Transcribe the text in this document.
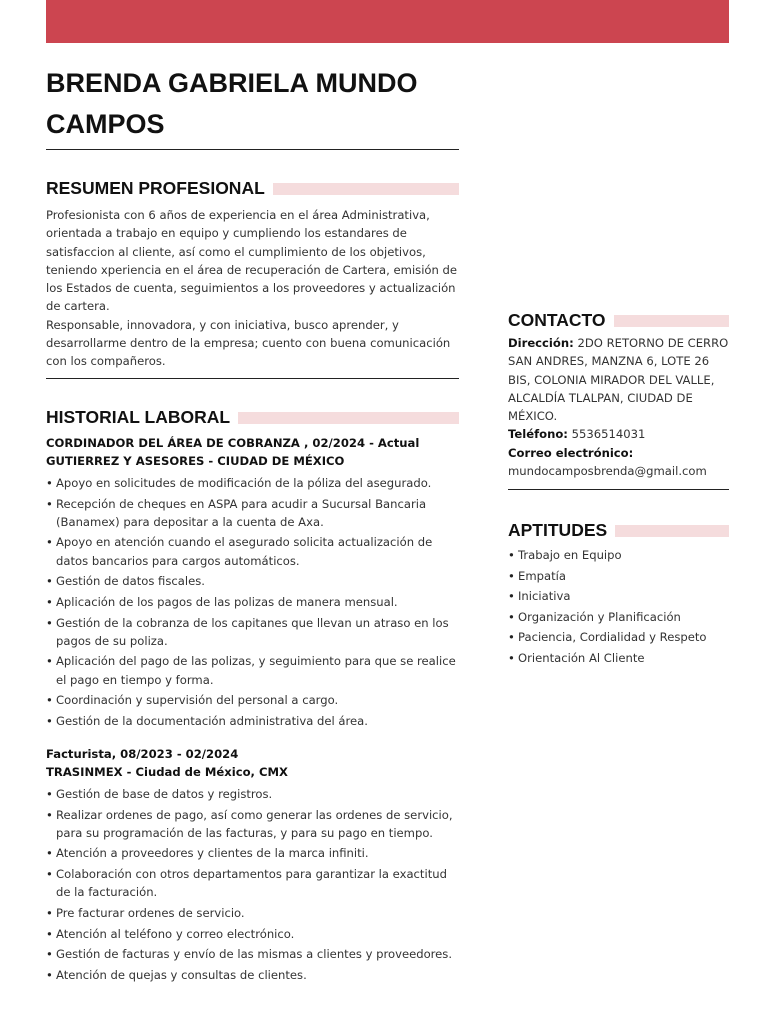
BRENDA GABRIELA MUNDO CAMPOS
RESUMEN PROFESIONAL

Profesionista con 6 años de experiencia en el área Administrativa, orientada a trabajo en equipo y cumpliendo los estandares de satisfaccion al cliente, así como el cumplimiento de los objetivos, teniendo xperiencia en el área de recuperación de Cartera, emisión de los Estados de cuenta, seguimientos a los proveedores y actualización de cartera.
Responsable, innovadora, y con iniciativa, busco aprender, y desarrollarme dentro de la empresa; cuento con buena comunicación con los compañeros.

HISTORIAL LABORAL
CORDINADOR DEL ÁREA DE COBRANZA , 02/2024 - Actual
GUTIERREZ Y ASESORES - CIUDAD DE MÉXICO
• Apoyo en solicitudes de modificación de la póliza del asegurado.
• Recepción de cheques en ASPA para acudir a Sucursal Bancaria (Banamex) para depositar a la cuenta de Axa.
• Apoyo en atención cuando el asegurado solicita actualización de datos bancarios para cargos automáticos.
• Gestión de datos fiscales.
• Aplicación de los pagos de las polizas de manera mensual.
• Gestión de la cobranza de los capitanes que llevan un atraso en los pagos de su poliza.
• Aplicación del pago de las polizas, y seguimiento para que se realice el pago en tiempo y forma.
• Coordinación y supervisión del personal a cargo.
• Gestión de la documentación administrativa del área.
Facturista, 08/2023 - 02/2024
TRASINMEX - Ciudad de México, CMX
• Gestión de base de datos y registros.
• Realizar ordenes de pago, así como generar las ordenes de servicio, para su programación de las facturas, y para su pago en tiempo.
• Atención a proveedores y clientes de la marca infiniti.
• Colaboración con otros departamentos para garantizar la exactitud de la facturación.
• Pre facturar ordenes de servicio.
• Atención al teléfono y correo electrónico.
• Gestión de facturas y envío de las mismas a clientes y proveedores.
• Atención de quejas y consultas de clientes.
CONTACTO
Dirección: 2DO RETORNO DE CERRO SAN ANDRES, MANZNA 6, LOTE 26 BIS, COLONIA MIRADOR DEL VALLE, ALCALDÍA TLALPAN, CIUDAD DE MÉXICO.
Teléfono: 5536514031
Correo electrónico:
mundocamposbrenda@gmail.com
APTITUDES
• Trabajo en Equipo
• Empatía
• Iniciativa
• Organización y Planificación
• Paciencia, Cordialidad y Respeto
• Orientación Al Cliente
